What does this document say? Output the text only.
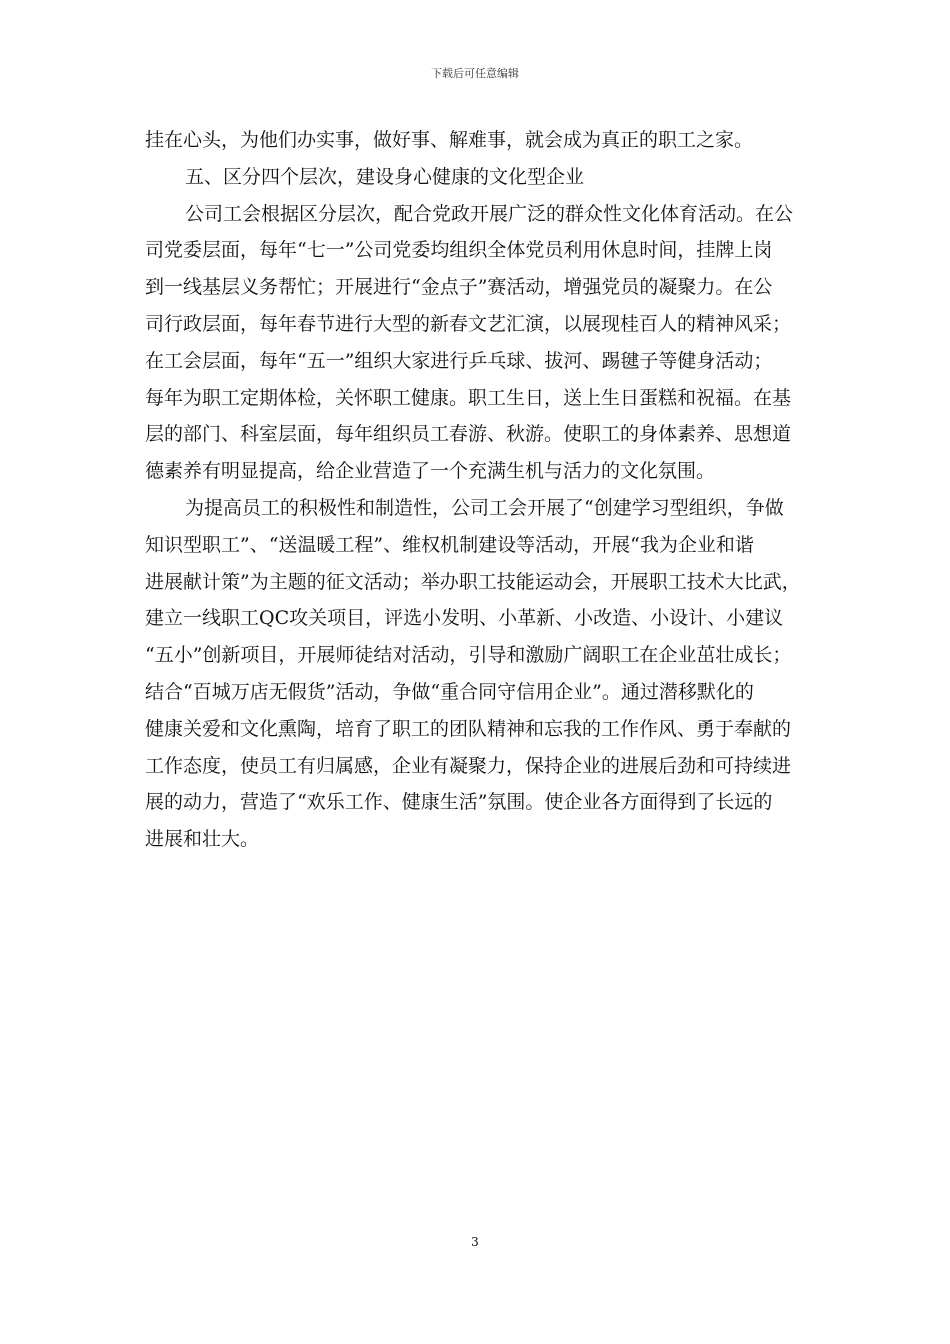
下载后可任意编辑

挂在心头，为他们办实事，做好事、解难事，就会成为真正的职工之家。

五、区分四个层次，建设身心健康的文化型企业

公司工会根据区分层次，配合党政开展广泛的群众性文化体育活动。在公

司党委层面，每年“七一”公司党委均组织全体党员利用休息时间，挂牌上岗

到一线基层义务帮忙；开展进行“金点子”赛活动，增强党员的凝聚力。在公

司行政层面，每年春节进行大型的新春文艺汇演，以展现桂百人的精神风采；

在工会层面，每年“五一”组织大家进行乒乓球、拔河、踢毽子等健身活动；

每年为职工定期体检，关怀职工健康。职工生日，送上生日蛋糕和祝福。在基

层的部门、科室层面，每年组织员工春游、秋游。使职工的身体素养、思想道

德素养有明显提高，给企业营造了一个充满生机与活力的文化氛围。

为提高员工的积极性和制造性，公司工会开展了“创建学习型组织，争做

知识型职工”、“送温暖工程”、维权机制建设等活动，开展“我为企业和谐

进展献计策”为主题的征文活动；举办职工技能运动会，开展职工技术大比武，

建立一线职工QC攻关项目，评选小发明、小革新、小改造、小设计、小建议

“五小”创新项目，开展师徒结对活动，引导和激励广阔职工在企业茁壮成长；

结合“百城万店无假货”活动，争做“重合同守信用企业”。通过潜移默化的

健康关爱和文化熏陶，培育了职工的团队精神和忘我的工作作风、勇于奉献的

工作态度，使员工有归属感，企业有凝聚力，保持企业的进展后劲和可持续进

展的动力，营造了“欢乐工作、健康生活”氛围。使企业各方面得到了长远的

进展和壮大。

3
